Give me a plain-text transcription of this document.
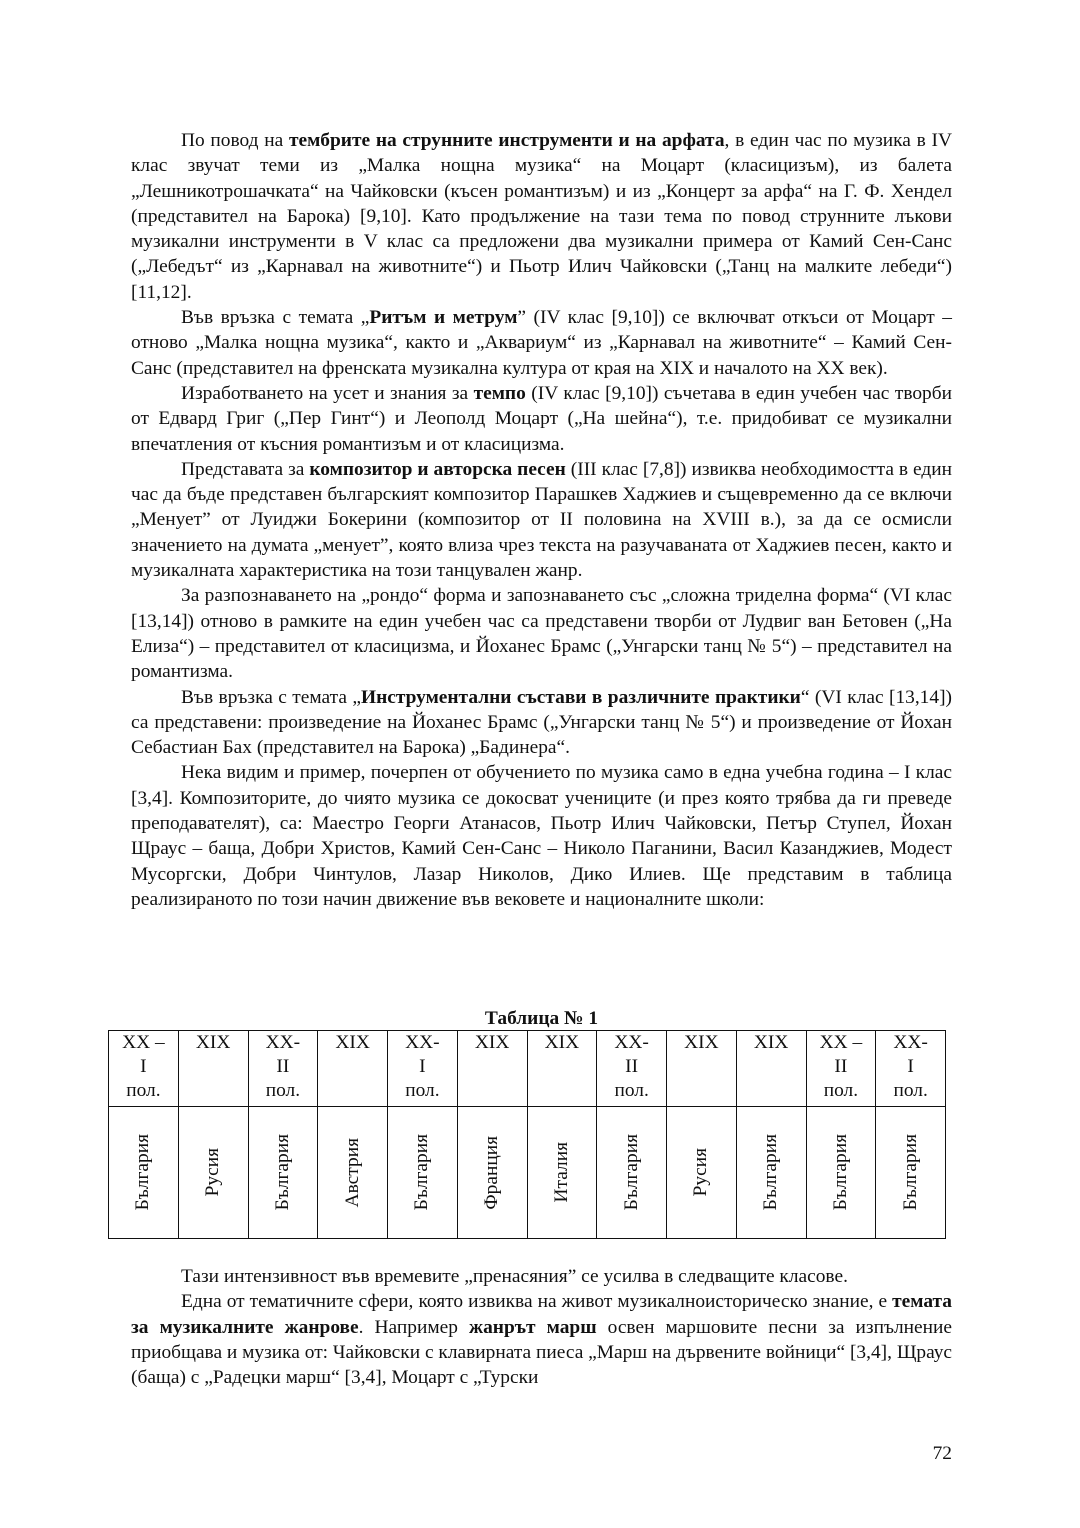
По повод на тембрите на струнните инструменти и на арфата, в един час по музика в IV клас звучат теми из „Малка нощна музика“ на Моцарт (класицизъм), из балета „Лешникотрошачката“ на Чайковски (късен романтизъм) и из „Концерт за арфа“ на Г. Ф. Хендел (представител на Барока) [9,10]. Като продължение на тази тема по повод струнните лъкови музикални инструменти в V клас са предложени два музикални примера от Камий Сен-Санс („Лебедът“ из „Карнавал на животните“) и Пьотр Илич Чайковски („Танц на малките лебеди“) [11,12].

Във връзка с темата „Ритъм и метрум” (IV клас [9,10]) се включват откъси от Моцарт – отново „Малка нощна музика“, както и „Аквариум“ из „Карнавал на животните“ – Камий Сен-Санс (представител на френската музикална култура от края на XIX и началото на XX век).

Изработването на усет и знания за темпо (IV клас [9,10]) съчетава в един учебен час творби от Едвард Григ („Пер Гинт“) и Леополд Моцарт („На шейна“), т.е. придобиват се музикални впечатления от късния романтизъм и от класицизма.

Представата за композитор и авторска песен (III клас [7,8]) извиква необходимостта в един час да бъде представен българският композитор Парашкев Хаджиев и същевременно да се включи „Менует” от Луиджи Бокерини (композитор от II половина на XVIII в.), за да се осмисли значението на думата „менует”, която влиза чрез текста на разучаваната от Хаджиев песен, както и музикалната характеристика на този танцувален жанр.

За разпознаването на „рондо“ форма и запознаването със „сложна триделна форма“ (VI клас [13,14]) отново в рамките на един учебен час са представени творби от Лудвиг ван Бетовен („На Елиза“) – представител от класицизма, и Йоханес Брамс („Унгарски танц № 5“) – представител на романтизма.

Във връзка с темата „Инструментални състави в различните практики“ (VI клас [13,14]) са представени: произведение на Йоханес Брамс („Унгарски танц № 5“) и произведение от Йохан Себастиан Бах (представител на Барока) „Бадинера“.

Нека видим и пример, почерпен от обучението по музика само в една учебна година – I клас [3,4]. Композиторите, до чиято музика се докосват учениците (и през която трябва да ги преведе преподавателят), са: Маестро Георги Атанасов, Пьотр Илич Чайковски, Петър Ступел, Йохан Щраус – баща, Добри Христов, Камий Сен-Санс – Николо Паганини, Васил Казанджиев, Модест Мусоргски, Добри Чинтулов, Лазар Николов, Дико Илиев. Ще представим в таблица реализираното по този начин движение във вековете и националните школи:

Таблица № 1
XX –
I
пол.	XIX	XX-
II
пол.	XIX	XX-
I
пол.	XIX	XIX	XX-
II
пол.	XIX	XIX	XX –
II
пол.	XX-
I
пол.

България	Русия	България	Австрия	България	Франция	Италия	България	Русия	България	България	България

Тази интензивност във времевите „пренасяния” се усилва в следващите класове.

Една от тематичните сфери, която извиква на живот музикалноисторическо знание, е темата за музикалните жанрове. Например жанрът марш освен маршовите песни за изпълнение приобщава и музика от: Чайковски с клавирната пиеса „Марш на дървените войници“ [3,4], Щраус (баща) с „Радецки марш“ [3,4], Моцарт с „Турски

72
